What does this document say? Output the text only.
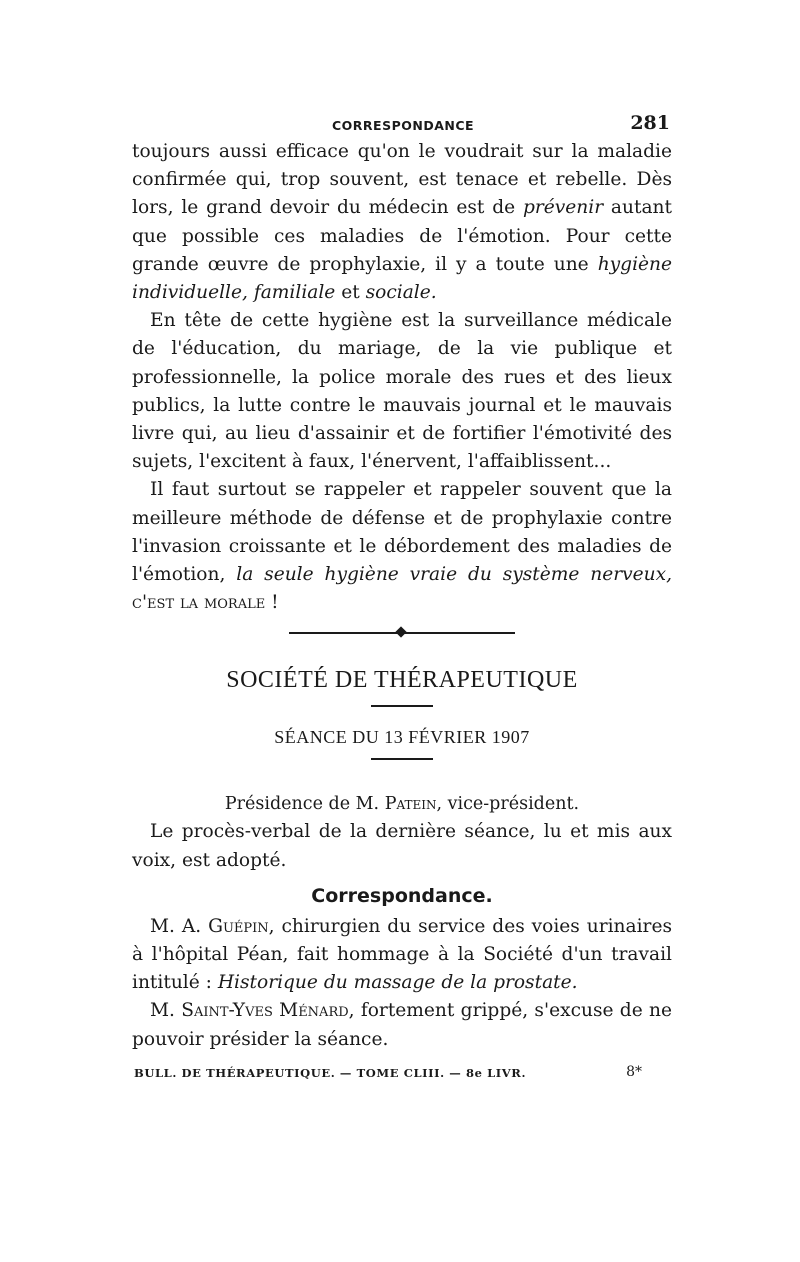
CORRESPONDANCE	281

toujours aussi efficace qu'on le voudrait sur la maladie confirmée qui, trop souvent, est tenace et rebelle. Dès lors, le grand devoir du médecin est de prévenir autant que possible ces maladies de l'émotion. Pour cette grande œuvre de prophylaxie, il y a toute une hygiène individuelle, familiale et sociale.

En tête de cette hygiène est la surveillance médicale de l'éducation, du mariage, de la vie publique et professionnelle, la police morale des rues et des lieux publics, la lutte contre le mauvais journal et le mauvais livre qui, au lieu d'assainir et de fortifier l'émotivité des sujets, l'excitent à faux, l'énervent, l'affaiblissent...

Il faut surtout se rappeler et rappeler souvent que la meilleure méthode de défense et de prophylaxie contre l'invasion croissante et le débordement des maladies de l'émotion, la seule hygiène vraie du système nerveux, c'est la morale !

SOCIÉTÉ DE THÉRAPEUTIQUE
SÉANCE DU 13 FÉVRIER 1907
Présidence de M. Patein, vice-président.

Le procès-verbal de la dernière séance, lu et mis aux voix, est adopté.

Correspondance.

M. A. Guépin, chirurgien du service des voies urinaires à l'hôpital Péan, fait hommage à la Société d'un travail intitulé : Historique du massage de la prostate.

M. Saint-Yves Ménard, fortement grippé, s'excuse de ne pouvoir présider la séance.

BULL. DE THÉRAPEUTIQUE. — TOME CLIII. — 8e LIVR.	8*
